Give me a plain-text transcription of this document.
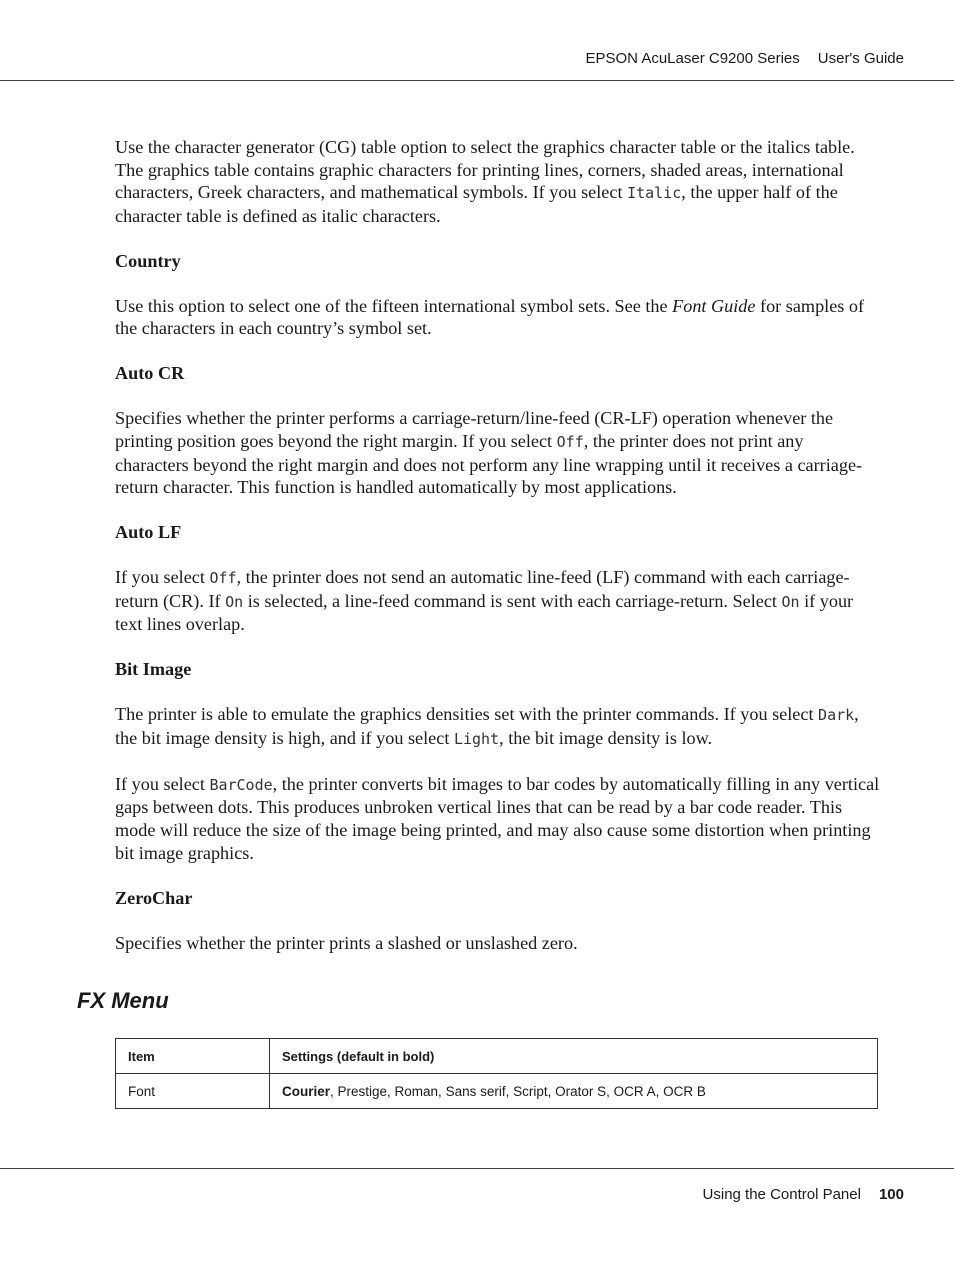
EPSON AcuLaser C9200 Series User's Guide

Use the character generator (CG) table option to select the graphics character table or the italics table. The graphics table contains graphic characters for printing lines, corners, shaded areas, international characters, Greek characters, and mathematical symbols. If you select Italic, the upper half of the character table is defined as italic characters.

Country

Use this option to select one of the fifteen international symbol sets. See the Font Guide for samples of the characters in each country’s symbol set.

Auto CR

Specifies whether the printer performs a carriage-return/line-feed (CR-LF) operation whenever the printing position goes beyond the right margin. If you select Off, the printer does not print any characters beyond the right margin and does not perform any line wrapping until it receives a carriage-return character. This function is handled automatically by most applications.

Auto LF

If you select Off, the printer does not send an automatic line-feed (LF) command with each carriage-return (CR). If On is selected, a line-feed command is sent with each carriage-return. Select On if your text lines overlap.

Bit Image

The printer is able to emulate the graphics densities set with the printer commands. If you select Dark, the bit image density is high, and if you select Light, the bit image density is low.

If you select BarCode, the printer converts bit images to bar codes by automatically filling in any vertical gaps between dots. This produces unbroken vertical lines that can be read by a bar code reader. This mode will reduce the size of the image being printed, and may also cause some distortion when printing bit image graphics.

ZeroChar

Specifies whether the printer prints a slashed or unslashed zero.

FX Menu
Item	Settings (default in bold)
Font	Courier, Prestige, Roman, Sans serif, Script, Orator S, OCR A, OCR B
Using the Control Panel 100
